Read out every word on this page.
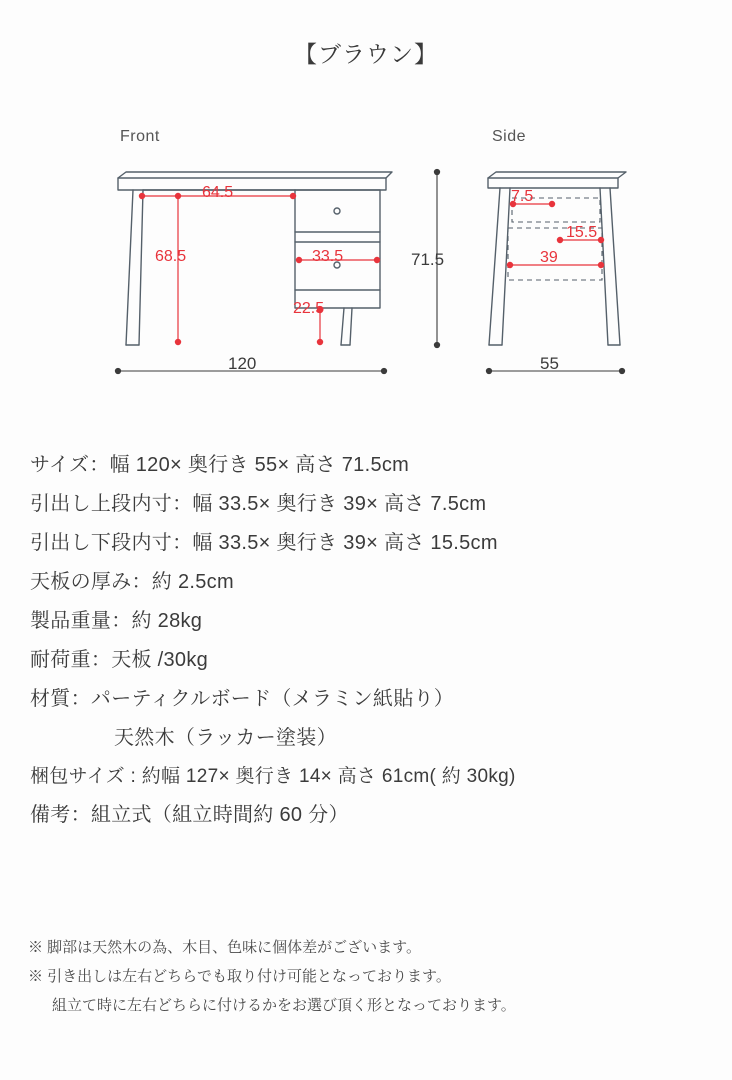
【ブラウン】
Front	Side
64.5
68.5	33.5
22.5
7.5
15.5
39
71.5
120	55
サイズ：幅 120× 奥行き 55× 高さ 71.5cm
引出し上段内寸：幅 33.5× 奥行き 39× 高さ 7.5cm
引出し下段内寸：幅 33.5× 奥行き 39× 高さ 15.5cm
天板の厚み：約 2.5cm
製品重量：約 28kg
耐荷重：天板 /30kg
材質：パーティクルボード（メラミン紙貼り）
天然木（ラッカー塗装）
梱包サイズ : 約幅 127× 奥行き 14× 高さ 61cm( 約 30kg)
備考：組立式（組立時間約 60 分）
※ 脚部は天然木の為、木目、色味に個体差がございます。
※ 引き出しは左右どちらでも取り付け可能となっております。
組立て時に左右どちらに付けるかをお選び頂く形となっております。
